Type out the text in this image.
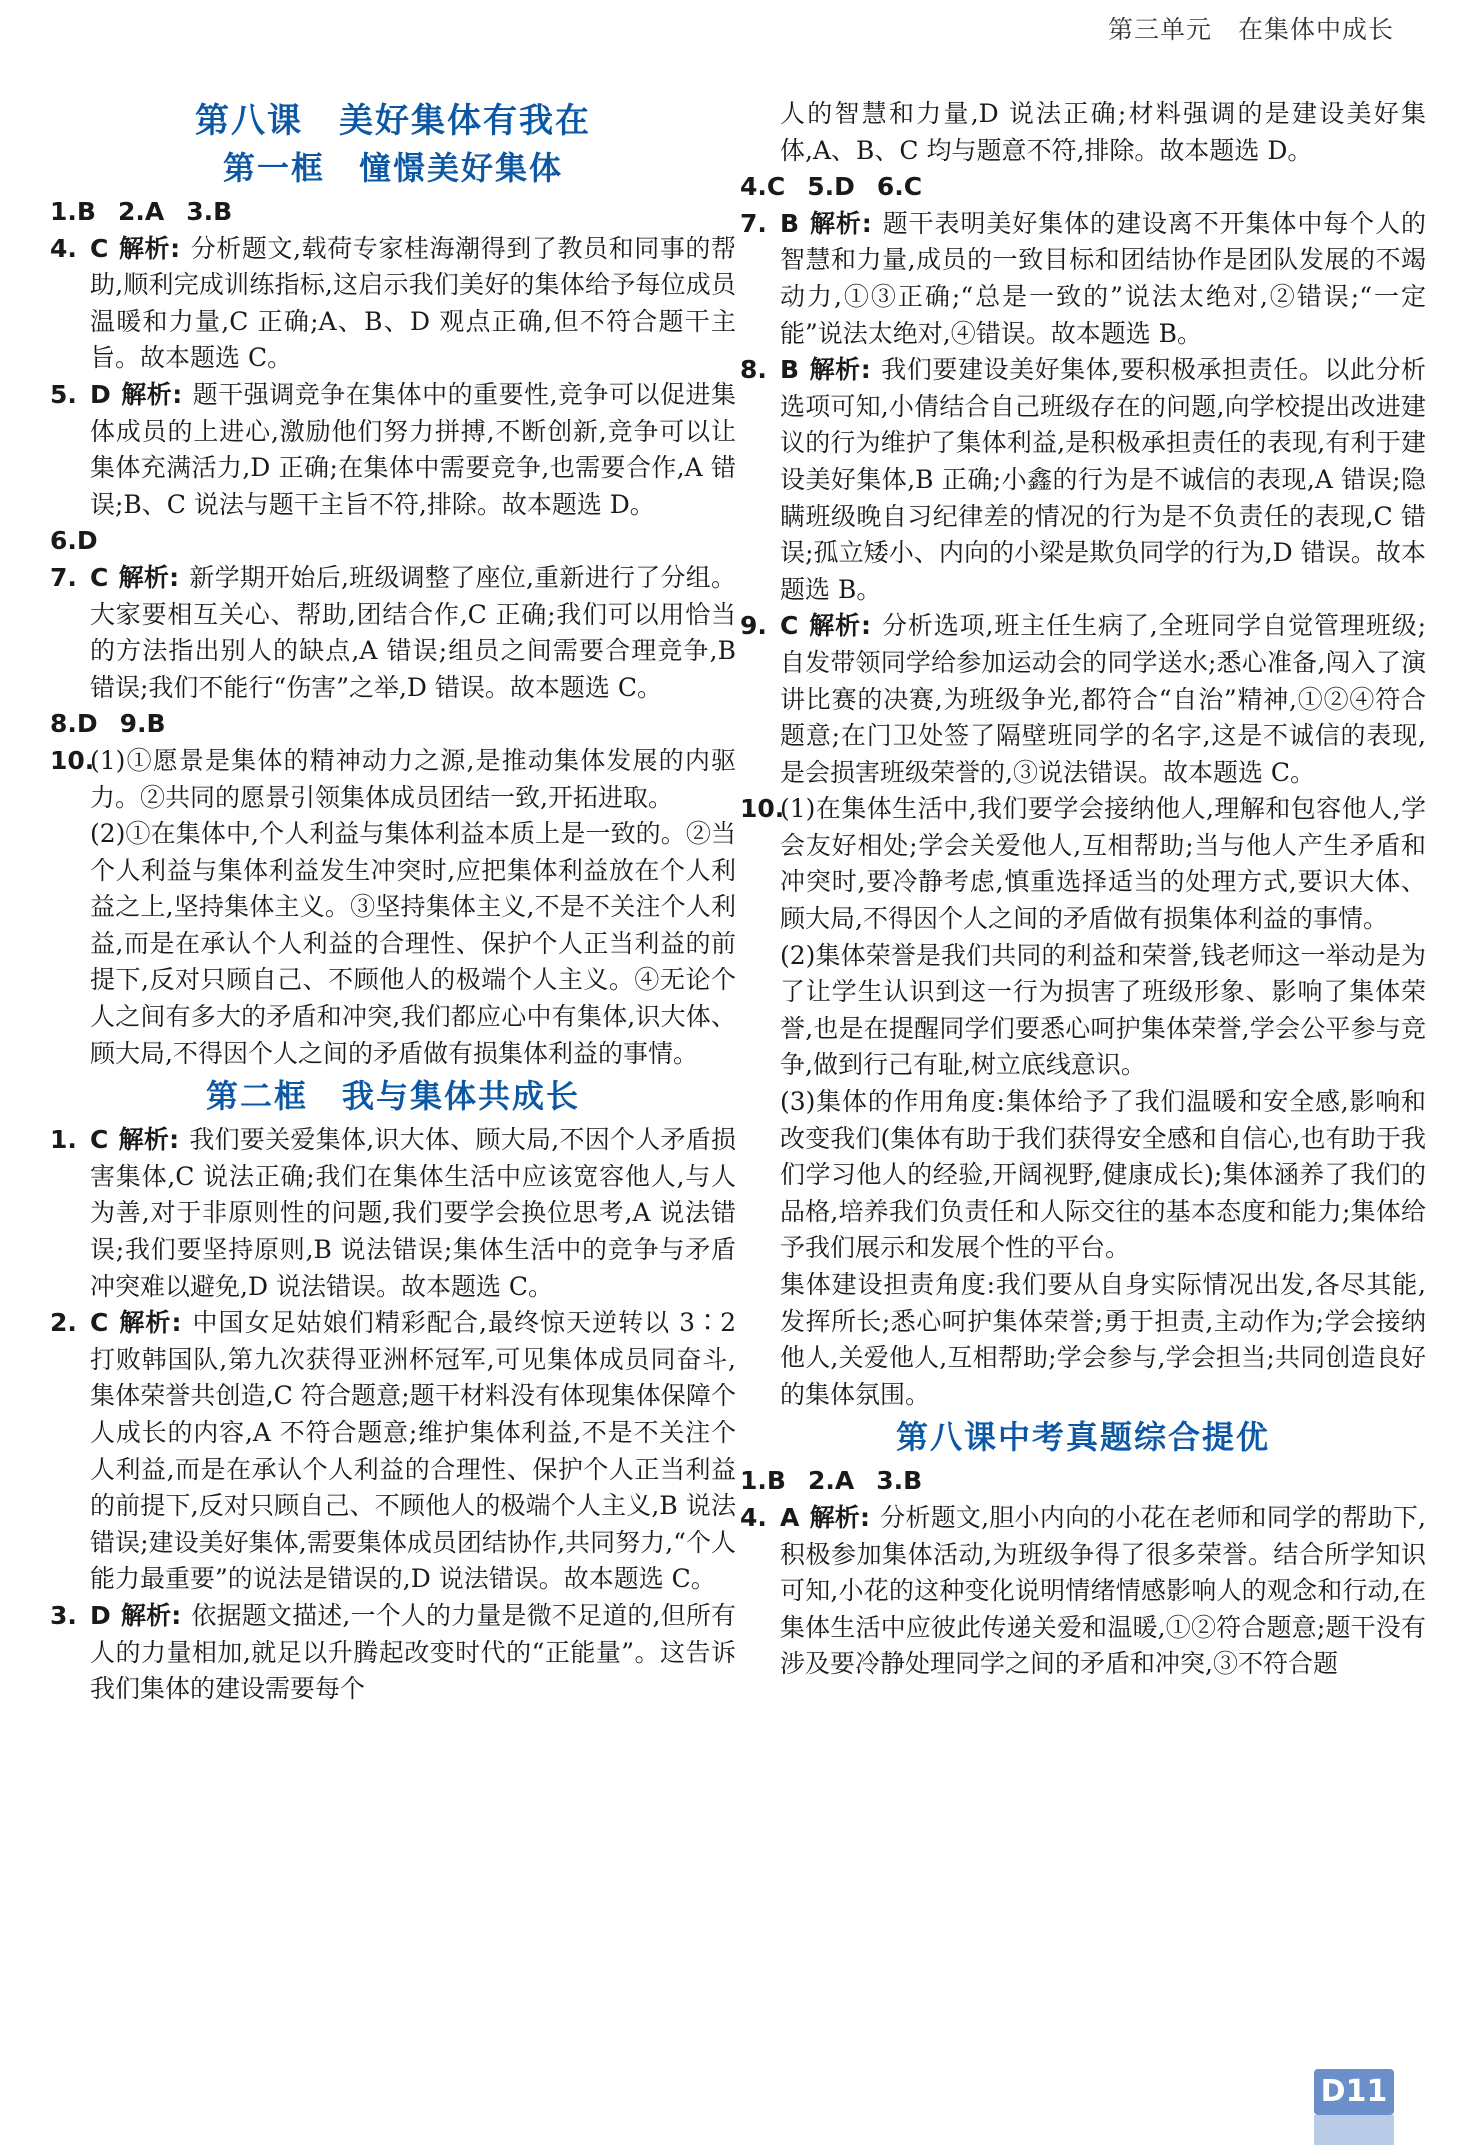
第三单元 在集体中成长
第八课　美好集体有我在
第一框　憧憬美好集体
1.B 2.A 3.B
4. C 解析: 分析题文,载荷专家桂海潮得到了教员和同事的帮助,顺利完成训练指标,这启示我们美好的集体给予每位成员温暖和力量,C 正确;A、B、D 观点正确,但不符合题干主旨。故本题选 C。
5. D 解析: 题干强调竞争在集体中的重要性,竞争可以促进集体成员的上进心,激励他们努力拼搏,不断创新,竞争可以让集体充满活力,D 正确;在集体中需要竞争,也需要合作,A 错误;B、C 说法与题干主旨不符,排除。故本题选 D。
6.D
7. C 解析: 新学期开始后,班级调整了座位,重新进行了分组。大家要相互关心、帮助,团结合作,C 正确;我们可以用恰当的方法指出别人的缺点,A 错误;组员之间需要合理竞争,B 错误;我们不能行“伤害”之举,D 错误。故本题选 C。
8.D 9.B
10.

(1)①愿景是集体的精神动力之源,是推动集体发展的内驱力。②共同的愿景引领集体成员团结一致,开拓进取。

(2)①在集体中,个人利益与集体利益本质上是一致的。②当个人利益与集体利益发生冲突时,应把集体利益放在个人利益之上,坚持集体主义。③坚持集体主义,不是不关注个人利益,而是在承认个人利益的合理性、保护个人正当利益的前提下,反对只顾自己、不顾他人的极端个人主义。④无论个人之间有多大的矛盾和冲突,我们都应心中有集体,识大体、顾大局,不得因个人之间的矛盾做有损集体利益的事情。

第二框　我与集体共成长
1. C 解析: 我们要关爱集体,识大体、顾大局,不因个人矛盾损害集体,C 说法正确;我们在集体生活中应该宽容他人,与人为善,对于非原则性的问题,我们要学会换位思考,A 说法错误;我们要坚持原则,B 说法错误;集体生活中的竞争与矛盾冲突难以避免,D 说法错误。故本题选 C。
2. C 解析: 中国女足姑娘们精彩配合,最终惊天逆转以 3∶2 打败韩国队,第九次获得亚洲杯冠军,可见集体成员同奋斗,集体荣誉共创造,C 符合题意;题干材料没有体现集体保障个人成长的内容,A 不符合题意;维护集体利益,不是不关注个人利益,而是在承认个人利益的合理性、保护个人正当利益的前提下,反对只顾自己、不顾他人的极端个人主义,B 说法错误;建设美好集体,需要集体成员团结协作,共同努力,“个人能力最重要”的说法是错误的,D 说法错误。故本题选 C。
3. D 解析: 依据题文描述,一个人的力量是微不足道的,但所有人的力量相加,就足以升腾起改变时代的“正能量”。这告诉我们集体的建设需要每个
人的智慧和力量,D 说法正确;材料强调的是建设美好集体,A、B、C 均与题意不符,排除。故本题选 D。
4.C 5.D 6.C
7. B 解析: 题干表明美好集体的建设离不开集体中每个人的智慧和力量,成员的一致目标和团结协作是团队发展的不竭动力,①③正确;“总是一致的”说法太绝对,②错误;“一定能”说法太绝对,④错误。故本题选 B。
8. B 解析: 我们要建设美好集体,要积极承担责任。以此分析选项可知,小倩结合自己班级存在的问题,向学校提出改进建议的行为维护了集体利益,是积极承担责任的表现,有利于建设美好集体,B 正确;小鑫的行为是不诚信的表现,A 错误;隐瞒班级晚自习纪律差的情况的行为是不负责任的表现,C 错误;孤立矮小、内向的小梁是欺负同学的行为,D 错误。故本题选 B。
9. C 解析: 分析选项,班主任生病了,全班同学自觉管理班级;自发带领同学给参加运动会的同学送水;悉心准备,闯入了演讲比赛的决赛,为班级争光,都符合“自治”精神,①②④符合题意;在门卫处签了隔壁班同学的名字,这是不诚信的表现,是会损害班级荣誉的,③说法错误。故本题选 C。
10.

(1)在集体生活中,我们要学会接纳他人,理解和包容他人,学会友好相处;学会关爱他人,互相帮助;当与他人产生矛盾和冲突时,要冷静考虑,慎重选择适当的处理方式,要识大体、顾大局,不得因个人之间的矛盾做有损集体利益的事情。

(2)集体荣誉是我们共同的利益和荣誉,钱老师这一举动是为了让学生认识到这一行为损害了班级形象、影响了集体荣誉,也是在提醒同学们要悉心呵护集体荣誉,学会公平参与竞争,做到行己有耻,树立底线意识。

(3)集体的作用角度:集体给予了我们温暖和安全感,影响和改变我们(集体有助于我们获得安全感和自信心,也有助于我们学习他人的经验,开阔视野,健康成长);集体涵养了我们的品格,培养我们负责任和人际交往的基本态度和能力;集体给予我们展示和发展个性的平台。

集体建设担责角度:我们要从自身实际情况出发,各尽其能,发挥所长;悉心呵护集体荣誉;勇于担责,主动作为;学会接纳他人,关爱他人,互相帮助;学会参与,学会担当;共同创造良好的集体氛围。

第八课中考真题综合提优
1.B 2.A 3.B
4. A 解析: 分析题文,胆小内向的小花在老师和同学的帮助下,积极参加集体活动,为班级争得了很多荣誉。结合所学知识可知,小花的这种变化说明情绪情感影响人的观念和行动,在集体生活中应彼此传递关爱和温暖,①②符合题意;题干没有涉及要冷静处理同学之间的矛盾和冲突,③不符合题
D11
